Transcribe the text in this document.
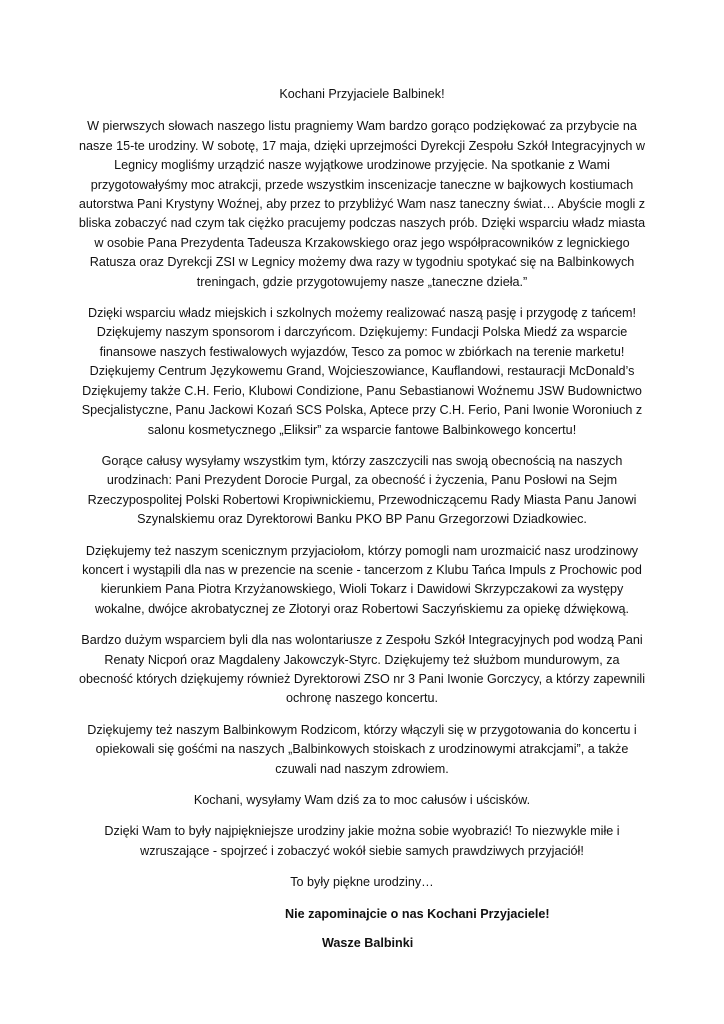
Kochani Przyjaciele Balbinek!

W pierwszych słowach naszego listu pragniemy Wam bardzo gorąco podziękować za przybycie na nasze 15-te urodziny. W sobotę, 17 maja, dzięki uprzejmości Dyrekcji Zespołu Szkół Integracyjnych w Legnicy mogliśmy urządzić nasze wyjątkowe urodzinowe przyjęcie. Na spotkanie z Wami przygotowałyśmy moc atrakcji, przede wszystkim inscenizacje taneczne w bajkowych kostiumach autorstwa Pani Krystyny Woźnej, aby przez to przybliżyć Wam nasz taneczny świat… Abyście mogli z bliska zobaczyć nad czym tak ciężko pracujemy podczas naszych prób. Dzięki wsparciu władz miasta w osobie Pana Prezydenta Tadeusza Krzakowskiego oraz jego współpracowników z legnickiego Ratusza oraz Dyrekcji ZSI w Legnicy możemy dwa razy w tygodniu spotykać się na Balbinkowych treningach, gdzie przygotowujemy nasze „taneczne dzieła.”

Dzięki wsparciu władz miejskich i szkolnych możemy realizować naszą pasję i przygodę z tańcem! Dziękujemy naszym sponsorom i darczyńcom. Dziękujemy: Fundacji Polska Miedź za wsparcie finansowe naszych festiwalowych wyjazdów, Tesco za pomoc w zbiórkach na terenie marketu! Dziękujemy Centrum Językowemu Grand, Wojcieszowiance, Kauflandowi, restauracji McDonald’s Dziękujemy także C.H. Ferio, Klubowi Condizione, Panu Sebastianowi Woźnemu JSW Budownictwo Specjalistyczne, Panu Jackowi Kozań SCS Polska, Aptece przy C.H. Ferio, Pani Iwonie Woroniuch z salonu kosmetycznego „Eliksir” za wsparcie fantowe Balbinkowego koncertu!

Gorące całusy wysyłamy wszystkim tym, którzy zaszczycili nas swoją obecnością na naszych urodzinach: Pani Prezydent Dorocie Purgal, za obecność i życzenia, Panu Posłowi na Sejm Rzeczypospolitej Polski Robertowi Kropiwnickiemu, Przewodniczącemu Rady Miasta Panu Janowi Szynalskiemu oraz Dyrektorowi Banku PKO BP Panu Grzegorzowi Dziadkowiec.

Dziękujemy też naszym scenicznym przyjaciołom, którzy pomogli nam urozmaicić nasz urodzinowy koncert i wystąpili dla nas w prezencie na scenie - tancerzom z Klubu Tańca Impuls z Prochowic pod kierunkiem Pana Piotra Krzyżanowskiego, Wioli Tokarz i Dawidowi Skrzypczakowi za występy wokalne, dwójce akrobatycznej ze Złotoryi oraz Robertowi Saczyńskiemu za opiekę dźwiękową.

Bardzo dużym wsparciem byli dla nas wolontariusze z Zespołu Szkół Integracyjnych pod wodzą Pani Renaty Nicpoń oraz Magdaleny Jakowczyk-Styrc. Dziękujemy też służbom mundurowym, za obecność których dziękujemy również Dyrektorowi ZSO nr 3 Pani Iwonie Gorczycy, a którzy zapewnili ochronę naszego koncertu.

Dziękujemy też naszym Balbinkowym Rodzicom, którzy włączyli się w przygotowania do koncertu i opiekowali się gośćmi na naszych „Balbinkowych stoiskach z urodzinowymi atrakcjami”, a także czuwali nad naszym zdrowiem.

Kochani, wysyłamy Wam dziś za to moc całusów i uścisków.

Dzięki Wam to były najpiękniejsze urodziny jakie można sobie wyobrazić! To niezwykle miłe i wzruszające - spojrzeć i zobaczyć wokół siebie samych prawdziwych przyjaciół!

To były piękne urodziny…

Nie zapominajcie o nas Kochani Przyjaciele!

Wasze Balbinki
